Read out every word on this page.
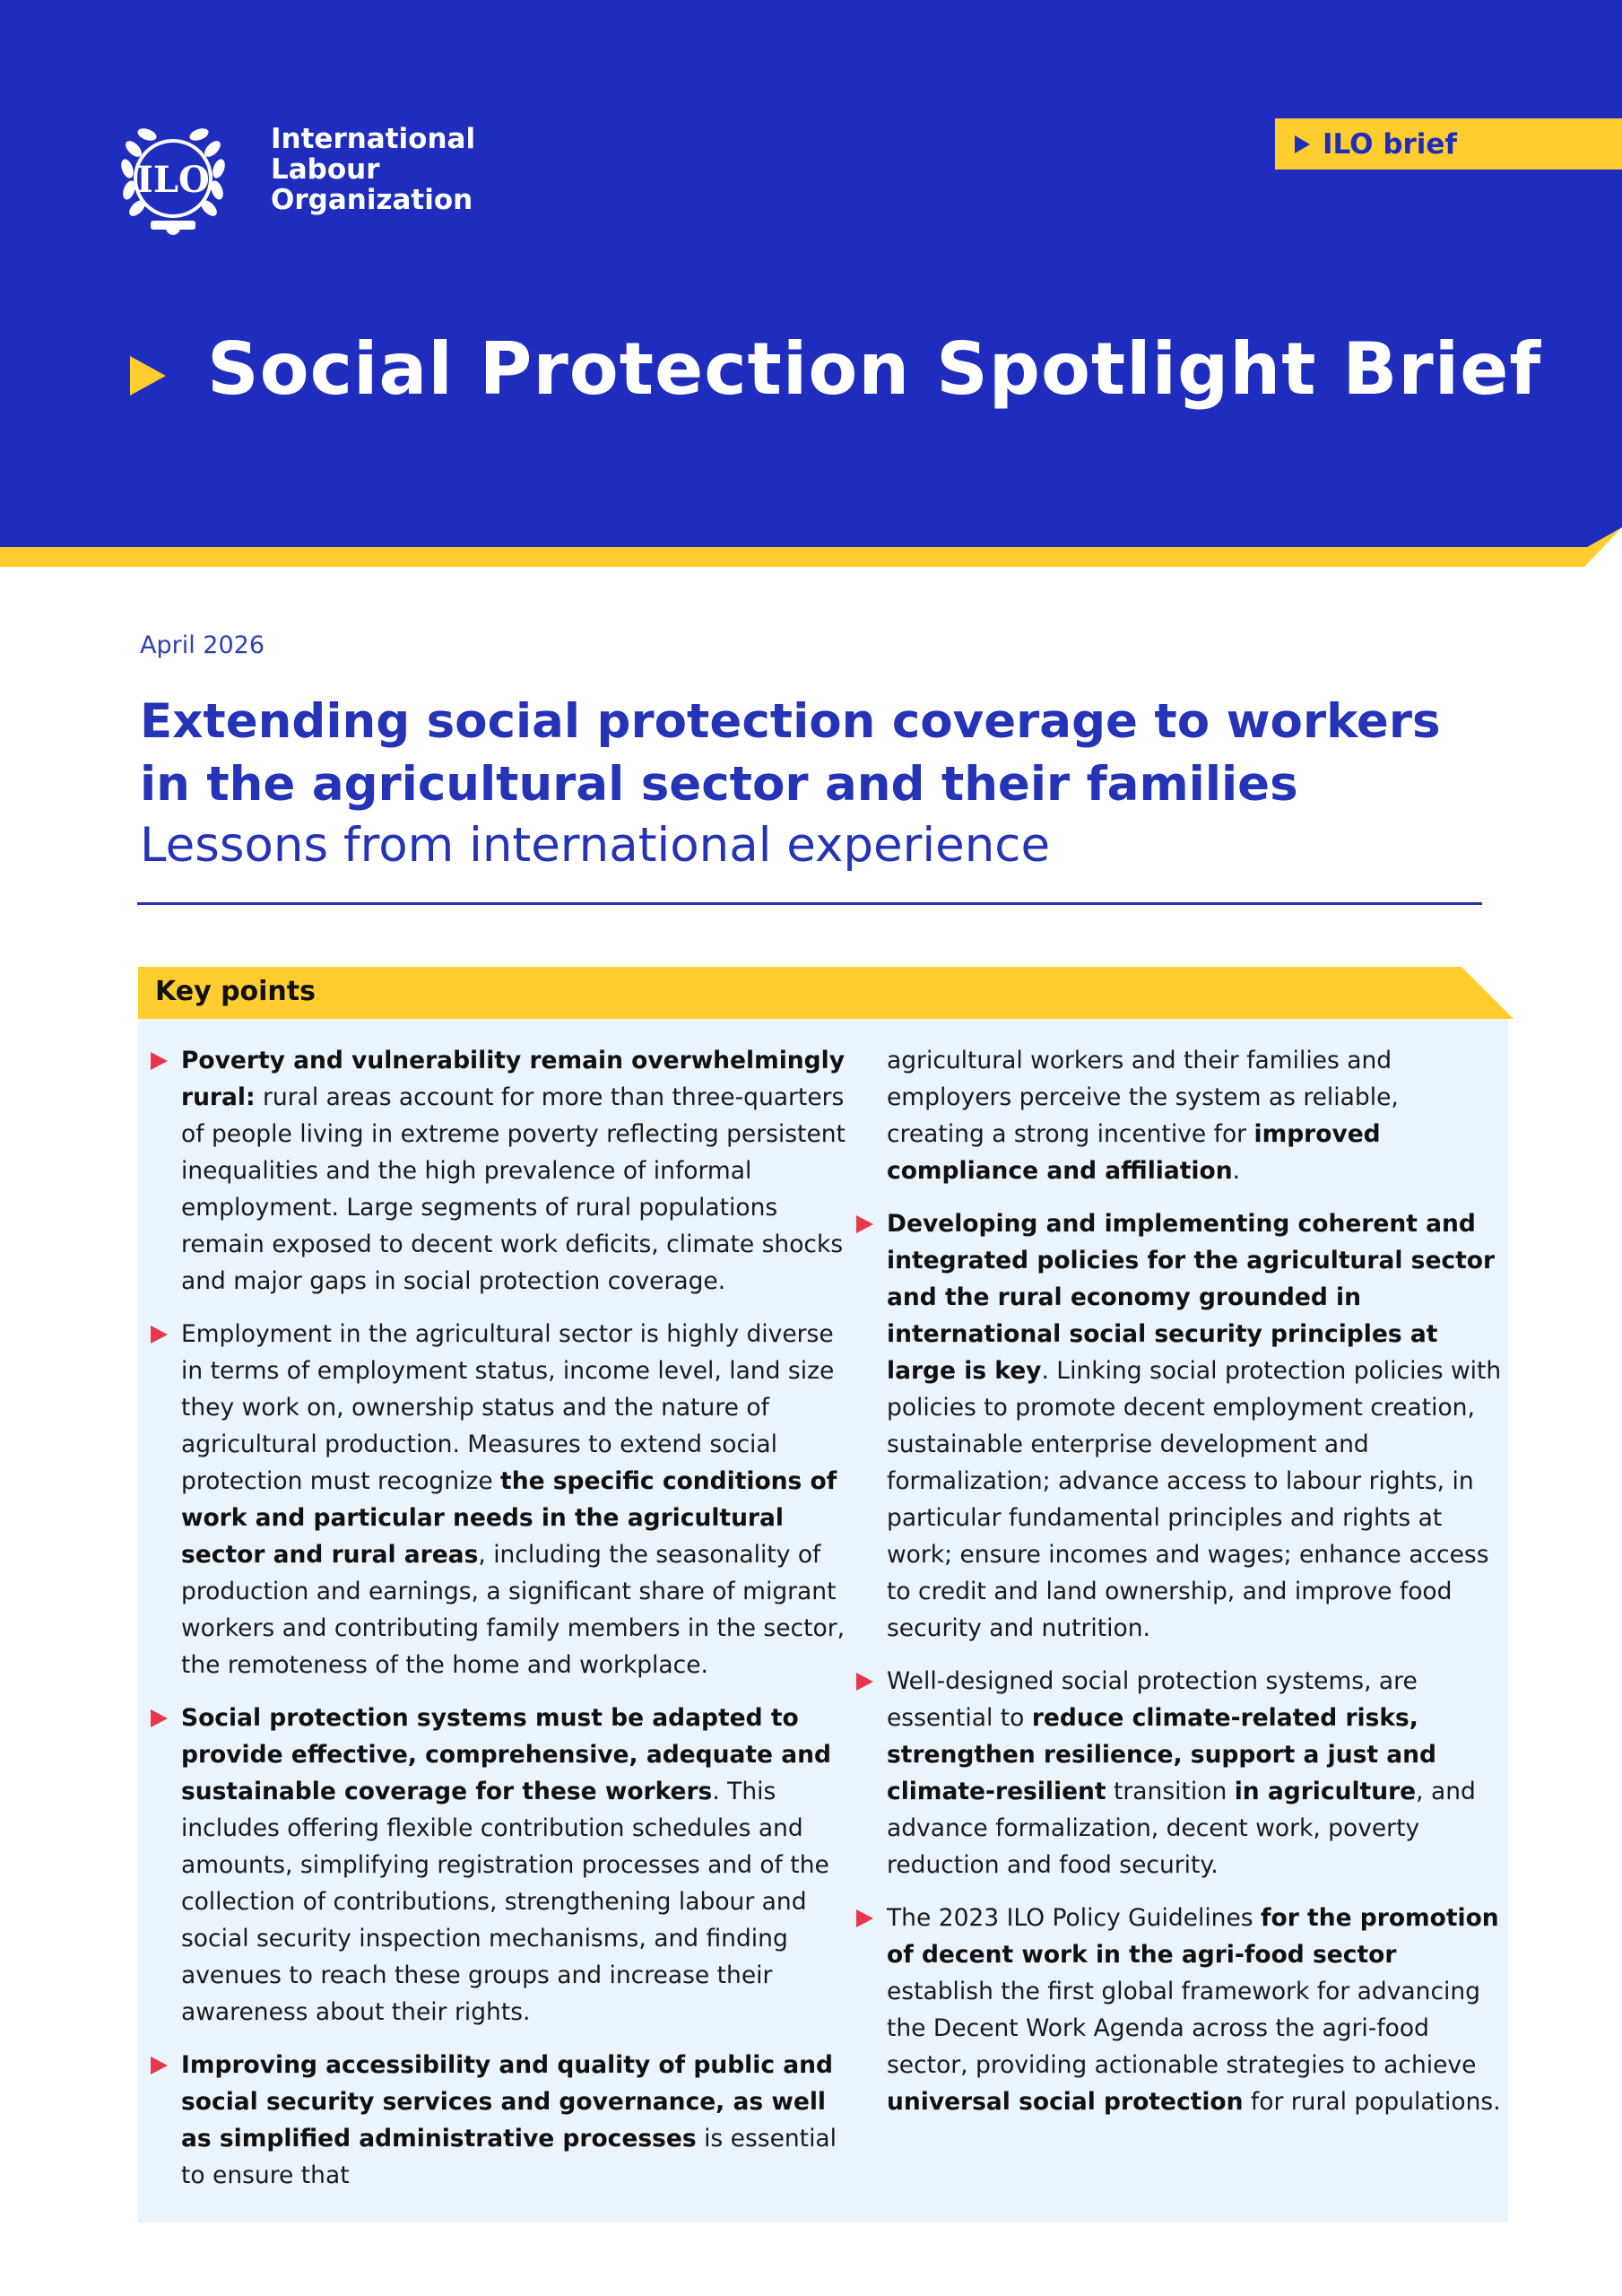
ILO
International
Labour
Organization
ILO brief
Social Protection Spotlight Brief
April 2026
Extending social protection coverage to workers
in the agricultural sector and their families
Lessons from international experience
Key points
Poverty and vulnerability remain overwhelmingly rural: rural areas account for more than three-quarters of people living in extreme poverty reflecting persistent inequalities and the high prevalence of informal employment. Large segments of rural populations remain exposed to decent work deficits, climate shocks and major gaps in social protection coverage.
Employment in the agricultural sector is highly diverse in terms of employment status, income level, land size they work on, ownership status and the nature of agricultural production. Measures to extend social protection must recognize the specific conditions of work and particular needs in the agricultural sector and rural areas, including the seasonality of production and earnings, a significant share of migrant workers and contributing family members in the sector, the remoteness of the home and workplace.
Social protection systems must be adapted to provide effective, comprehensive, adequate and sustainable coverage for these workers. This includes offering flexible contribution schedules and amounts, simplifying registration processes and of the collection of contributions, strengthening labour and social security inspection mechanisms, and finding avenues to reach these groups and increase their awareness about their rights.
Improving accessibility and quality of public and social security services and governance, as well as simplified administrative processes is essential to ensure that
agricultural workers and their families and employers perceive the system as reliable, creating a strong incentive for improved compliance and affiliation.
Developing and implementing coherent and integrated policies for the agricultural sector and the rural economy grounded in international social security principles at large is key. Linking social protection policies with policies to promote decent employment creation, sustainable enterprise development and formalization; advance access to labour rights, in particular fundamental principles and rights at work; ensure incomes and wages; enhance access to credit and land ownership, and improve food security and nutrition.
Well-designed social protection systems, are essential to reduce climate-related risks, strengthen resilience, support a just and climate-resilient transition in agriculture, and advance formalization, decent work, poverty reduction and food security.
The 2023 ILO Policy Guidelines for the promotion of decent work in the agri-food sector establish the first global framework for advancing the Decent Work Agenda across the agri-food sector, providing actionable strategies to achieve universal social protection for rural populations.
